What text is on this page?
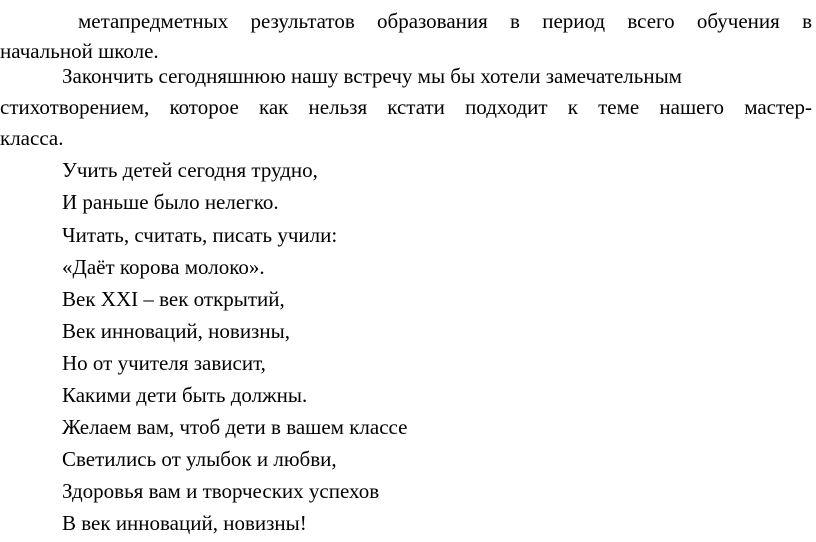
метапредметных результатов образования в период всего обучения в
начальной школе.
Закончить сегодняшнюю нашу встречу мы бы хотели замечательным
стихотворением, которое как нельзя кстати подходит к теме нашего мастер-
класса.
Учить детей сегодня трудно,
И раньше было нелегко.
Читать, считать, писать учили:
«Даёт корова молоко».
Век XXI – век открытий,
Век инноваций, новизны,
Но от учителя зависит,
Какими дети быть должны.
Желаем вам, чтоб дети в вашем классе
Светились от улыбок и любви,
Здоровья вам и творческих успехов
В век инноваций, новизны!
